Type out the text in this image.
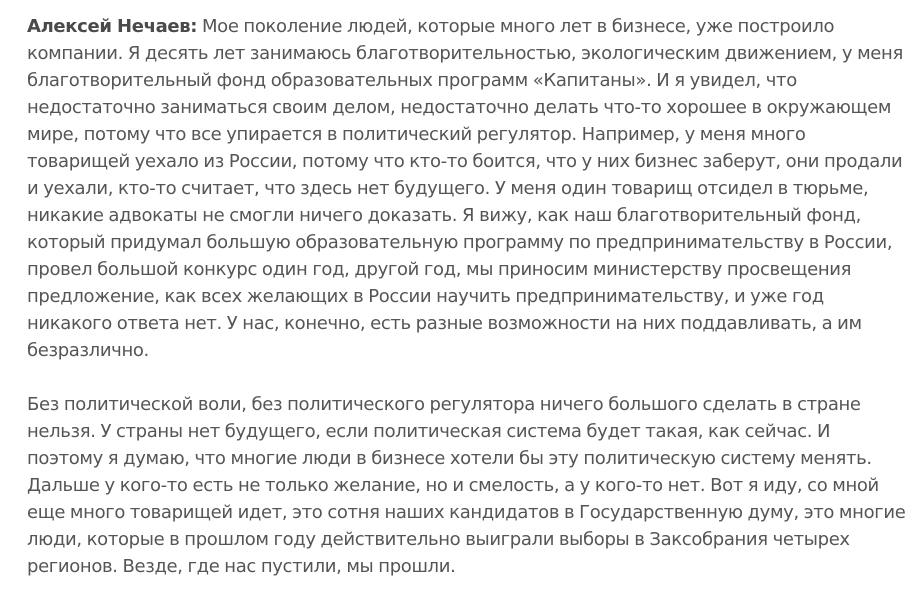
Алексей Нечаев: Мое поколение людей, которые много лет в бизнесе, уже построило компании. Я десять лет занимаюсь благотворительностью, экологическим движением, у меня благотворительный фонд образовательных программ «Капитаны». И я увидел, что недостаточно заниматься своим делом, недостаточно делать что-то хорошее в окружающем мире, потому что все упирается в политический регулятор. Например, у меня много товарищей уехало из России, потому что кто-то боится, что у них бизнес заберут, они продали и уехали, кто-то считает, что здесь нет будущего. У меня один товарищ отсидел в тюрьме, никакие адвокаты не смогли ничего доказать. Я вижу, как наш благотворительный фонд, который придумал большую образовательную программу по предпринимательству в России, провел большой конкурс один год, другой год, мы приносим министерству просвещения предложение, как всех желающих в России научить предпринимательству, и уже год никакого ответа нет. У нас, конечно, есть разные возможности на них поддавливать, а им безразлично.

Без политической воли, без политического регулятора ничего большого сделать в стране нельзя. У страны нет будущего, если политическая система будет такая, как сейчас. И поэтому я думаю, что многие люди в бизнесе хотели бы эту политическую систему менять. Дальше у кого-то есть не только желание, но и смелость, а у кого-то нет. Вот я иду, со мной еще много товарищей идет, это сотня наших кандидатов в Государственную думу, это многие люди, которые в прошлом году действительно выиграли выборы в Заксобрания четырех регионов. Везде, где нас пустили, мы прошли.
